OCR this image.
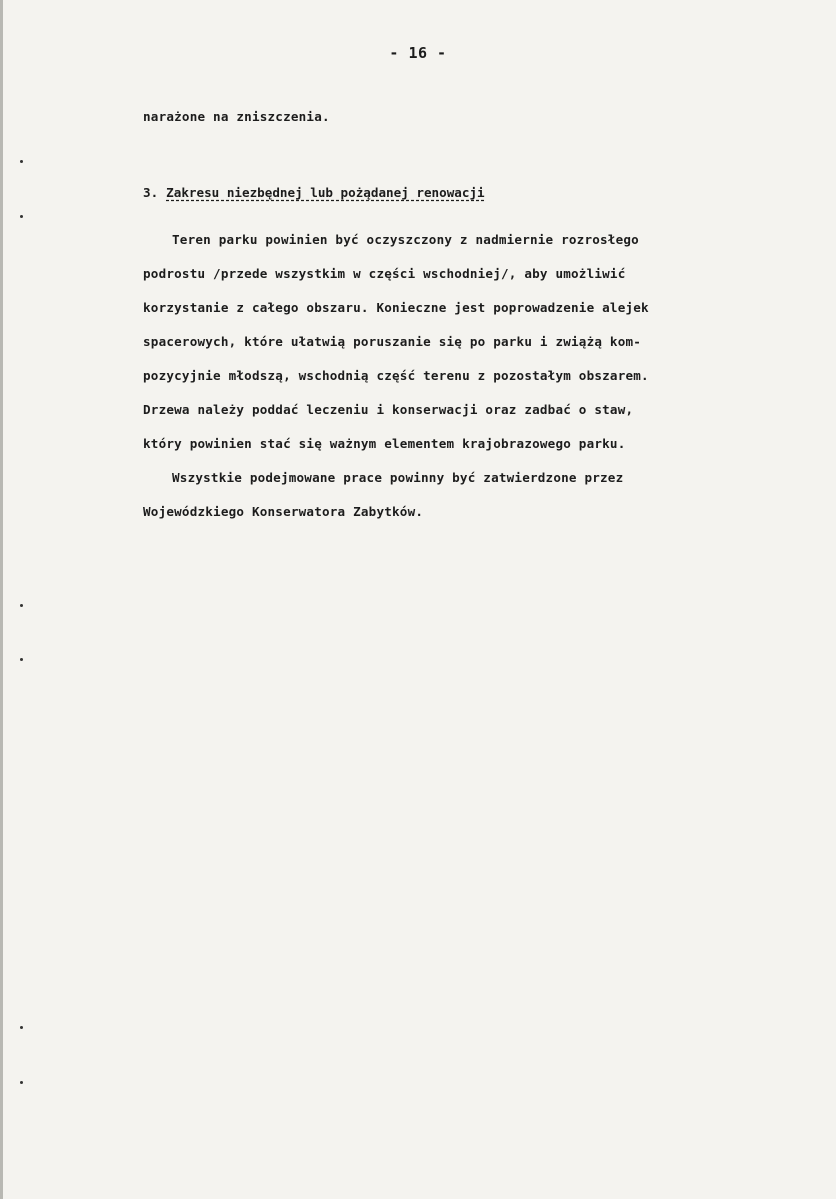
- 16 -
narażone na zniszczenia.
3. Zakresu niezbędnej lub pożądanej renowacji
Teren parku powinien być oczyszczony z nadmiernie rozrosłego
podrostu /przede wszystkim w części wschodniej/, aby umożliwić
korzystanie z całego obszaru. Konieczne jest poprowadzenie alejek
spacerowych, które ułatwią poruszanie się po parku i zwiążą kom-
pozycyjnie młodszą, wschodnią część terenu z pozostałym obszarem.
Drzewa należy poddać leczeniu i konserwacji oraz zadbać o staw,
który powinien stać się ważnym elementem krajobrazowego parku.
Wszystkie podejmowane prace powinny być zatwierdzone przez
Wojewódzkiego Konserwatora Zabytków.
